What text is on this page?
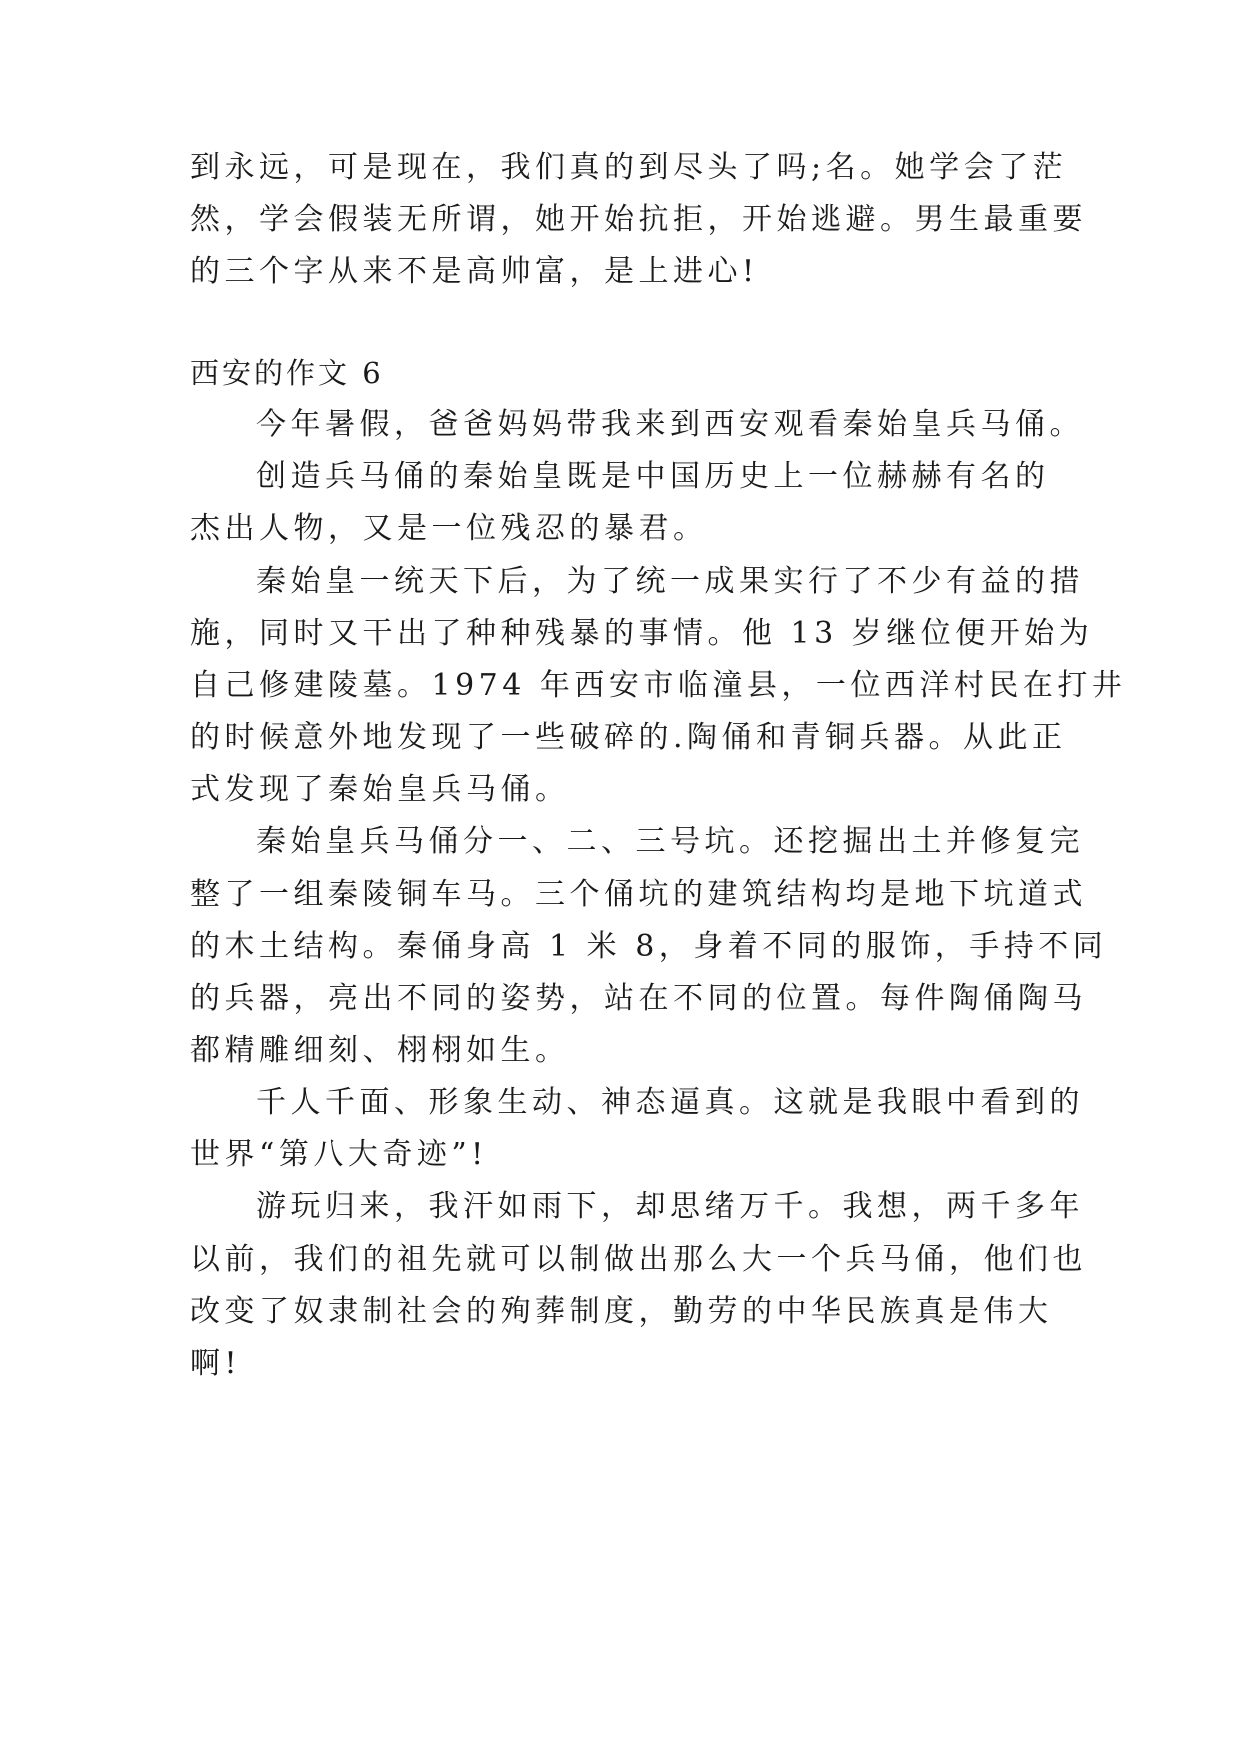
到永远，可是现在，我们真的到尽头了吗;名。她学会了茫

然，学会假装无所谓，她开始抗拒，开始逃避。男生最重要

的三个字从来不是高帅富，是上进心!

西安的作文 6

今年暑假，爸爸妈妈带我来到西安观看秦始皇兵马俑。

创造兵马俑的秦始皇既是中国历史上一位赫赫有名的

杰出人物，又是一位残忍的暴君。

秦始皇一统天下后，为了统一成果实行了不少有益的措

施，同时又干出了种种残暴的事情。他 13 岁继位便开始为

自己修建陵墓。1974 年西安市临潼县，一位西洋村民在打井

的时候意外地发现了一些破碎的.陶俑和青铜兵器。从此正

式发现了秦始皇兵马俑。

秦始皇兵马俑分一、二、三号坑。还挖掘出土并修复完

整了一组秦陵铜车马。三个俑坑的建筑结构均是地下坑道式

的木土结构。秦俑身高 1 米 8，身着不同的服饰，手持不同

的兵器，亮出不同的姿势，站在不同的位置。每件陶俑陶马

都精雕细刻、栩栩如生。

千人千面、形象生动、神态逼真。这就是我眼中看到的

世界“第八大奇迹”!

游玩归来，我汗如雨下，却思绪万千。我想，两千多年

以前，我们的祖先就可以制做出那么大一个兵马俑，他们也

改变了奴隶制社会的殉葬制度，勤劳的中华民族真是伟大

啊!
